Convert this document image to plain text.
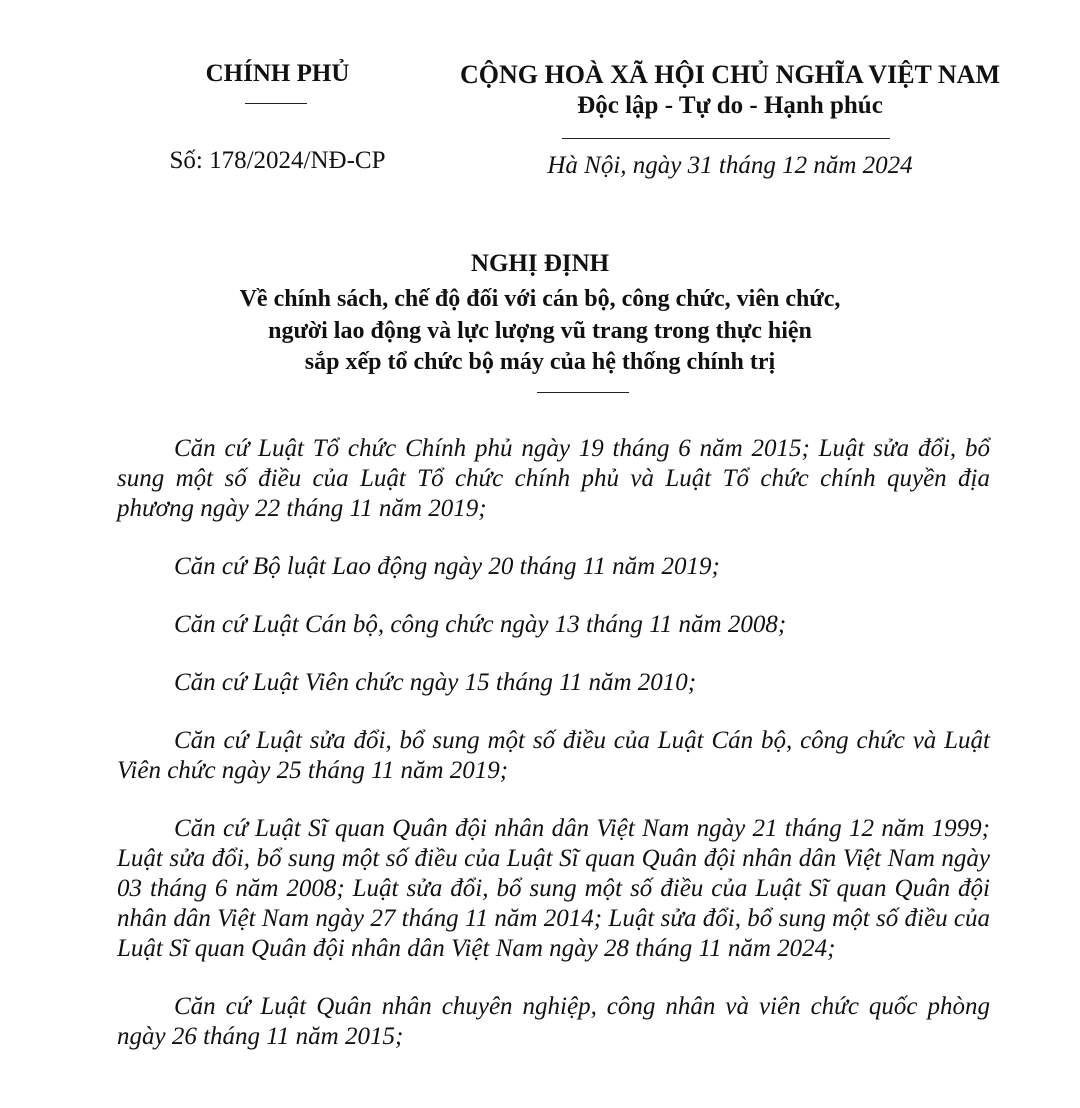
CHÍNH PHỦ
Số: 178/2024/NĐ-CP
CỘNG HOÀ XÃ HỘI CHỦ NGHĨA VIỆT NAM
Độc lập - Tự do - Hạnh phúc
Hà Nội, ngày 31 tháng 12 năm 2024
NGHỊ ĐỊNH
Về chính sách, chế độ đối với cán bộ, công chức, viên chức,
người lao động và lực lượng vũ trang trong thực hiện
sắp xếp tổ chức bộ máy của hệ thống chính trị

Căn cứ Luật Tổ chức Chính phủ ngày 19 tháng 6 năm 2015; Luật sửa đổi, bổ sung một số điều của Luật Tổ chức chính phủ và Luật Tổ chức chính quyền địa phương ngày 22 tháng 11 năm 2019;

Căn cứ Bộ luật Lao động ngày 20 tháng 11 năm 2019;

Căn cứ Luật Cán bộ, công chức ngày 13 tháng 11 năm 2008;

Căn cứ Luật Viên chức ngày 15 tháng 11 năm 2010;

Căn cứ Luật sửa đổi, bổ sung một số điều của Luật Cán bộ, công chức và Luật Viên chức ngày 25 tháng 11 năm 2019;

Căn cứ Luật Sĩ quan Quân đội nhân dân Việt Nam ngày 21 tháng 12 năm 1999; Luật sửa đổi, bổ sung một số điều của Luật Sĩ quan Quân đội nhân dân Việt Nam ngày 03 tháng 6 năm 2008; Luật sửa đổi, bổ sung một số điều của Luật Sĩ quan Quân đội nhân dân Việt Nam ngày 27 tháng 11 năm 2014; Luật sửa đổi, bổ sung một số điều của Luật Sĩ quan Quân đội nhân dân Việt Nam ngày 28 tháng 11 năm 2024;

Căn cứ Luật Quân nhân chuyên nghiệp, công nhân và viên chức quốc phòng ngày 26 tháng 11 năm 2015;
